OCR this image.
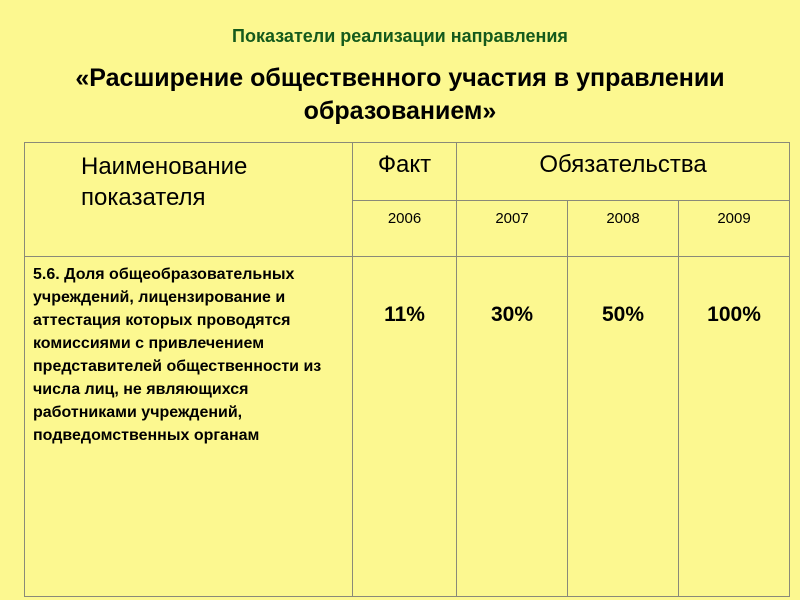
Показатели реализации направления
«Расширение общественного участия в управлении образованием»
Наименование показателя	Факт	Обязательства		
	2006	2007	2008	2009
5.6. Доля общеобразовательных учреждений, лицензирование и аттестация которых проводятся комиссиями с привлечением представителей общественности из числа лиц, не являющихся работниками учреждений, подведомственных органам	11%	30%	50%	100%
